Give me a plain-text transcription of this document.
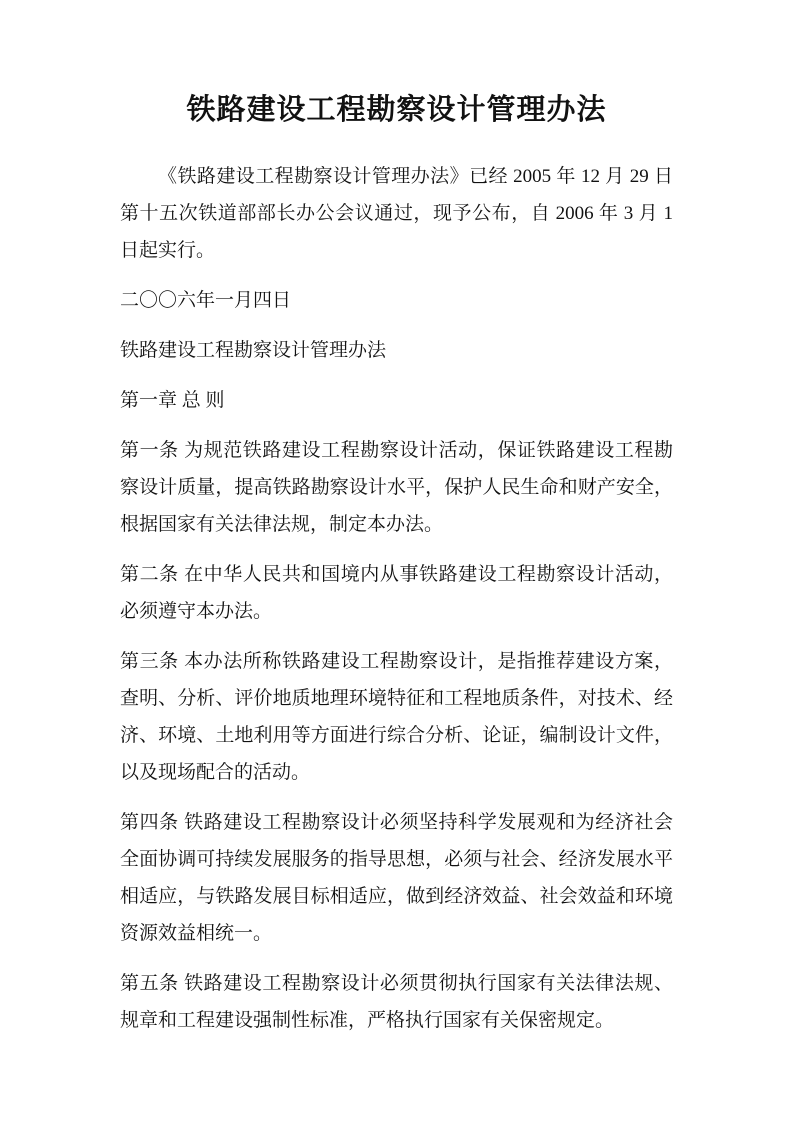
铁路建设工程勘察设计管理办法

《铁路建设工程勘察设计管理办法》已经 2005 年 12 月 29 日第十五次铁道部部长办公会议通过，现予公布，自 2006 年 3 月 1 日起实行。

二〇〇六年一月四日

铁路建设工程勘察设计管理办法

第一章 总 则

第一条 为规范铁路建设工程勘察设计活动，保证铁路建设工程勘察设计质量，提高铁路勘察设计水平，保护人民生命和财产安全，根据国家有关法律法规，制定本办法。

第二条 在中华人民共和国境内从事铁路建设工程勘察设计活动，必须遵守本办法。

第三条 本办法所称铁路建设工程勘察设计，是指推荐建设方案，查明、分析、评价地质地理环境特征和工程地质条件，对技术、经济、环境、土地利用等方面进行综合分析、论证，编制设计文件，以及现场配合的活动。

第四条 铁路建设工程勘察设计必须坚持科学发展观和为经济社会全面协调可持续发展服务的指导思想，必须与社会、经济发展水平相适应，与铁路发展目标相适应，做到经济效益、社会效益和环境资源效益相统一。

第五条 铁路建设工程勘察设计必须贯彻执行国家有关法律法规、规章和工程建设强制性标准，严格执行国家有关保密规定。
